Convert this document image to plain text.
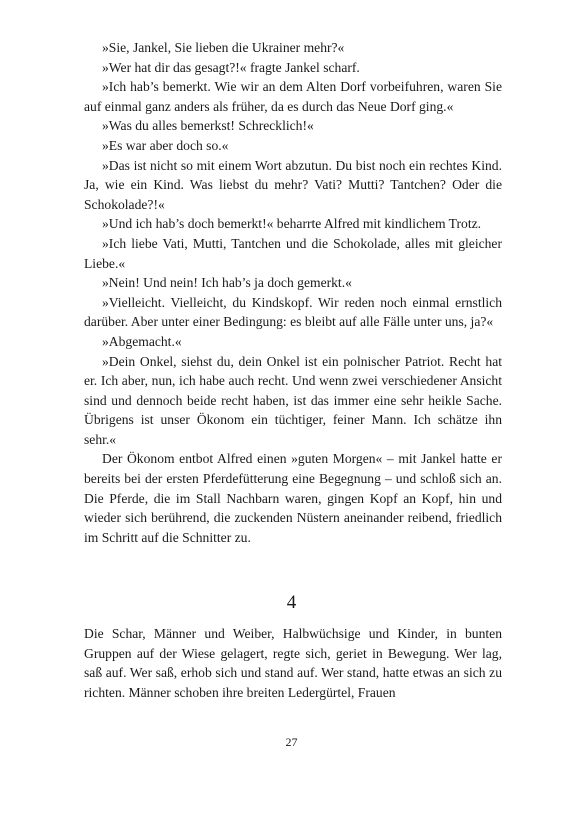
»Sie, Jankel, Sie lieben die Ukrainer mehr?«

»Wer hat dir das gesagt?!« fragte Jankel scharf.

»Ich hab’s bemerkt. Wie wir an dem Alten Dorf vorbeifuhren, waren Sie auf einmal ganz anders als früher, da es durch das Neue Dorf ging.«

»Was du alles bemerkst! Schrecklich!«

»Es war aber doch so.«

»Das ist nicht so mit einem Wort abzutun. Du bist noch ein rechtes Kind. Ja, wie ein Kind. Was liebst du mehr? Vati? Mutti? Tantchen? Oder die Schokolade?!«

»Und ich hab’s doch bemerkt!« beharrte Alfred mit kindlichem Trotz.

»Ich liebe Vati, Mutti, Tantchen und die Schokolade, alles mit gleicher Liebe.«

»Nein! Und nein! Ich hab’s ja doch gemerkt.«

»Vielleicht. Vielleicht, du Kindskopf. Wir reden noch einmal ernstlich darüber. Aber unter einer Bedingung: es bleibt auf alle Fälle unter uns, ja?«

»Abgemacht.«

»Dein Onkel, siehst du, dein Onkel ist ein polnischer Patriot. Recht hat er. Ich aber, nun, ich habe auch recht. Und wenn zwei verschiedener Ansicht sind und dennoch beide recht haben, ist das immer eine sehr heikle Sache. Übrigens ist unser Ökonom ein tüchtiger, feiner Mann. Ich schätze ihn sehr.«

Der Ökonom entbot Alfred einen »guten Morgen« – mit Jankel hatte er bereits bei der ersten Pferdefütterung eine Begegnung – und schloß sich an. Die Pferde, die im Stall Nachbarn waren, gingen Kopf an Kopf, hin und wieder sich berührend, die zuckenden Nüstern aneinander reibend, friedlich im Schritt auf die Schnitter zu.

4

Die Schar, Männer und Weiber, Halbwüchsige und Kinder, in bunten Gruppen auf der Wiese gelagert, regte sich, geriet in Bewegung. Wer lag, saß auf. Wer saß, erhob sich und stand auf. Wer stand, hatte etwas an sich zu richten. Männer schoben ihre breiten Ledergürtel, Frauen

27
